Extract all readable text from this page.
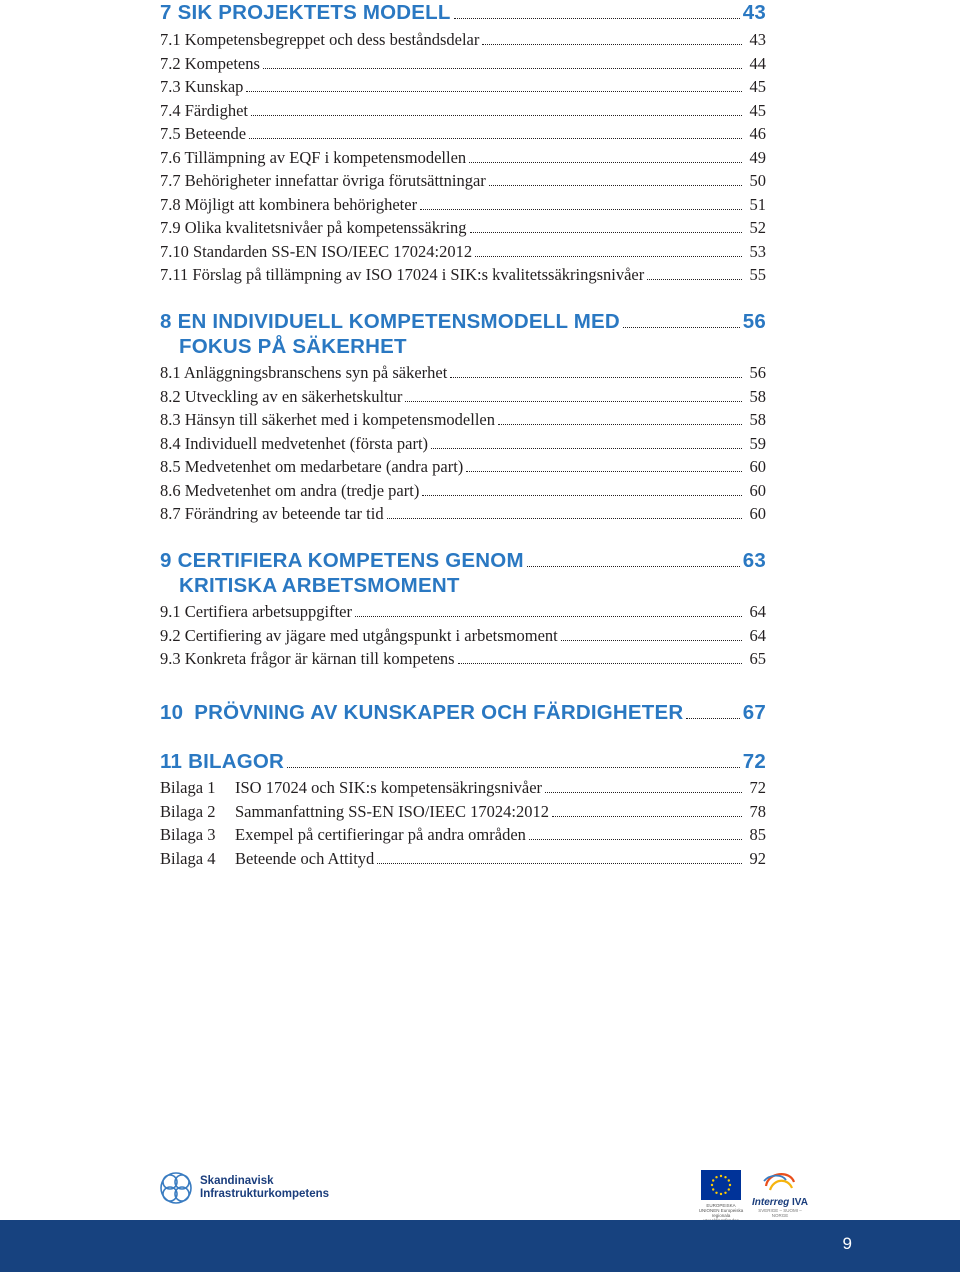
7 SIK PROJEKTETS MODELL	43
7.1 Kompetensbegreppet och dess beståndsdelar	43
7.2 Kompetens	44
7.3 Kunskap	45
7.4 Färdighet	45
7.5 Beteende	46
7.6 Tillämpning av EQF i kompetensmodellen	49
7.7 Behörigheter innefattar övriga förutsättningar	50
7.8 Möjligt att kombinera behörigheter	51
7.9 Olika kvalitetsnivåer på kompetenssäkring	52
7.10 Standarden SS-EN ISO/IEEC 17024:2012	53
7.11 Förslag på tillämpning av ISO 17024 i SIK:s kvalitetssäkringsnivåer	55
8 EN INDIVIDUELL KOMPETENSMODELL MED	56
FOKUS PÅ SÄKERHET
8.1 Anläggningsbranschens syn på säkerhet	56
8.2 Utveckling av en säkerhetskultur	58
8.3 Hänsyn till säkerhet med i kompetensmodellen	58
8.4 Individuell medvetenhet (första part)	59
8.5 Medvetenhet om medarbetare (andra part)	60
8.6 Medvetenhet om andra (tredje part)	60
8.7 Förändring av beteende tar tid	60
9 CERTIFIERA KOMPETENS GENOM	63
KRITISKA ARBETSMOMENT
9.1 Certifiera arbetsuppgifter	64
9.2 Certifiering av jägare med utgångspunkt i arbetsmoment	64
9.3 Konkreta frågor är kärnan till kompetens	65
10 PRÖVNING AV KUNSKAPER OCH FÄRDIGHETER	67
11 BILAGOR	72
Bilaga 1 ISO 17024 och SIK:s kompetensäkringsnivåer	72
Bilaga 2 Sammanfattning SS-EN ISO/IEEC 17024:2012	78
Bilaga 3 Exempel på certifieringar på andra områden	85
Bilaga 4 Beteende och Attityd	92
Skandinavisk
Infrastrukturkompetens
EUROPEISKA UNIONEN Europeiska regionala
Interreg IVA
SVERIGE – SUOMI – NORGE
9
